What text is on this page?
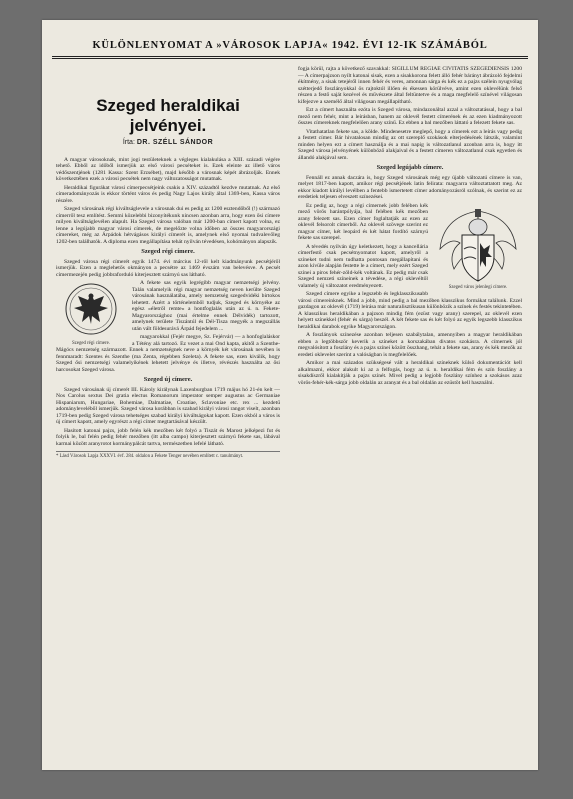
KÜLÖNLENYOMAT A »VÁROSOK LAPJA« 1942. ÉVI 12-IK SZÁMÁBÓL
Szeged heraldikai jelvényei.
Írta: DR. SZÉLL SÁNDOR

A magyar városoknak, mint jogi testületeknek a végleges kialakulása a XIII. századi végére tehető. Ebből az időből ismerjük az első városi pecséteket is. Ezek eleinte az illető város védőszentjének (1281 Kassa: Szent Erzsébet), majd később a városnak képét ábrázolják. Ennek következtében ezek a városi pecsétek nem nagy változatosságot mutatnak.

Heraldikai figurákat városi címerpecsétjeink csakis a XIV. századtól kezdve mutatnak. Az első címeradományozás is ekkor történt város és pedig Nagy Lajos király által 1369-ben, Kassa város részére.

Szeged városának régi kiváltságlevele a városnak dui es pedig az 1200 esztendőből (!) származó címerről tesz említést. Semmi közelebbi bizonyítékunk nincsen azonban arra, hogy ezen ősi címere milyen kiváltságlevélen alapult. Ha Szeged városa valóban már 1200-ban címert kapott volna, ez lenne a legújabb magyar városi címerek, de megelőzte volna időben az összes magyarországi címereket, még az Árpádok hétvágásos királyi címerét is, amelynek első nyomai tudvalevőleg 1202-ben találhatók. A diploma ezen megállapítása tehát nyilván tévedésen, kohómányon alapszik.

Szeged régi címere.

Szeged városa régi címerét egyik 1474. évi március 12-ről kelt kiadmányunk pecsétjéről ismerjük. Ezen a meglehetős okmányon a pecsétre az 1469 évszám van belevésve. A pecsét címermezején pedig jobbraforduló kiterjesztett szárnyú sas látható.

Szeged régi címere.

A fekete sas egyik legrégibb magyar nemzetségi jelvény. Talán valamelyik régi magyar nemzetség neven kerülte Szeged városának használatába, amely nemzetség szegedvidéki birtokos lehetett. Azért a történelemből tudjuk, Szeged és környéke az egész »életről remte« a hontfoglalás után az ú. n. Fekete-Magyarországhoz (mai értelme ennek Délvidék) tartozott, amelynek területe Tiszántúl és Dél-Tisza megyék a megszállás után vált földesurává Árpád fejedelem ...

magyarokkal (Fejér megye, Sz. Fejérvár) — a honfoglaláskor a Tétény alá tartozó. Ez vezet a mai Ond kapta, akitől a Szenthe-Mágócs nemzetség származott. Ennek a nemzetségnek neve a környék két városának nevében is fennmaradt: Szentes és Szenthe (ma Zenta, régebben Szeleta). A fekete sas, ezen kiválik, hogy Szeged ősi nemzetségi valamelyikének lehetett jelvénye és illetve, révészés használta az ősi harcosokat Szeged városa.

Szeged új címere.

Szeged városának új címerét III. Károly királynak Laxenburgban 1719 május hó 21-én kelt — Nos Carolus sextus Dei gratia electus Romanorum imperator semper augustus ac Germaniae Hispaniarum, Hungariae, Bohemiae, Dalmatiae, Croatiae, Sclavoniae etc. rex ... kezdetű adományleveléből ismerjük. Szeged városa korábban is szabad királyi városi rangot viselt, azonban 1719-ben pedig Szeged városa tehetséges szabad királyi kiváltságokat kapott. Ezen okból a város is új címert kapott, amely egyrészt a régi címer megtartásával készült.

Hasított katonai pajzs, jobb felén kék mezőben két folyó a Tiszát és Marost jelképezi fut és folyik le, bal felén pedig fehér mezőben (itt alba campo) kiterjesztett szárnyú fekete sas, lábával karmai között aranyrotot kormánypálcát tartva, természetben lefelé látható.

* Lásd Városok Lapja XXXVI. évf. 284. oldalon a Fekete Tenger nevében említett c. tanulmányt.

fogja körül, rajta a következő szavakkal: SIGILLUM REGIAE CIVITATIS SZEGEDIENSIS 1200 — A címerpajzson nyílt katonai sisak, ezen a sisakkorona felett álló fehér bárányt ábrázoló fejdelmi ékítmény, a sisak tetejéről innen fehér és veres, amonnan sárga és kék ez a pajzs szélein nyugvólag szétterjedő foszlányokkal ös rajtoktól illően és ékessen körülvéve, amint ezen oklevélünk felső részen a festő saját kezével és művészete által feltüntetve és a maga megfelelő színével világosan kifejezve a személő által világosan megállapítható.

Ezt a címert használta ezóta is Szeged városa, mindazonáltal azzal a változtatással, hogy a bal mező nem fehér, mint a leírásban, hanem az oklevél festett címerének és az ezen kiadmányozott ősszes címereknek megfelelően arany színű. Ez ebben a bal mezőben láttató a felezett fekete sas.

Vitathatatlan fekete sas, a kölde. Mindenesetre meglepő, hogy a címerek ezt a leírás vagy pedig a festett címer. Bár hivatalosan mindig az ott szereplő szokások elterjedésének látszik, valamint minden helyen ezt a címert használja és a mai napig is változatlanul azonban arra is, hogy itt Szeged városa jelvényének különböző alakjaival és a festett címeren változatlanul csak egyetlen és állandó alakjával sem.

Szeged legújabb címere.

Fennáll ez annak daczára is, hogy Szeged városának még egy újabb változatú címere is van, melyet 1817-ben kapott, amikor régi pecsétjének latin felirata: magyarra változtattatott meg. Az ekkor kiadott királyi levélben a fentebb ismertetett címer adományozásról szólnak, és szerint ez az eredetiek teljesen elveszett színezései.

Szeged város jelenlegi címere.

Ez pedig az, hogy a régi címernek jobb felében kék mező vörös harántpólyája, bal felében kék mezőben arany felezett sas. Ezen címer foglaltatják az ezen az oklevél felsorolt címerből. Az oklevél szövege szerint ez magyar címer, két leopárd és két hátat fordító szárnyú fekete sas szerepel.

A tévedés nyilván úgy keletkezett, hogy a kancellária címerfestő csak pecsétnyomatot kapott, amelyről a színeket tudni nem tudhatta pontosan megállapítani és azon kívüle alapján festette le a címert, mely ezért Szeged színei a piros fehér-zöld-kék voltának. Ez pedig már csak Szeged nemzeti színeinek a tévedése, a régi oklevéltől valamely új változatot eredményezett.

Szeged címere egyike a legszebb és legklasszikusabb városi címereinknek. Mind a jobb, mind pedig a bal mezőben klasszikus formákat találunk. Ezzel gazdagon az oklevél (1719) leírása már naturalisztikusan különbözik a színek és festés tekintetében. A klasszikus heraldikában a pajzson mindig fém (ezüst vagy arany) szerepel, az oklevél ezen helyett színekkel (fehér és sárga) beszél. A két fekete sas és két folyó az egyik legszebb klasszikus heraldikai darabok egyike Magyarországon.

A foszlányok színezése azonban teljesen szabálytalan, amennyiben a magyar heraldikában ebben a legtöbbször keverik a színeket a korszakában divatos szokásra. A címernek jól megvalósított a foszlány és a pajzs színei között összhang, tehát a fekete sas, arany és kék mezők az eredeti oklevelet szerint a valóságban is megfelelőek.

Amikor a mai százados szükségesé vált a heraldikai színeknek külső dokumentációt kell alkalmazni, ekkor alakult ki az a felfogás, hogy az ú. n. heraldikai fém és szín foszlány a sisakdíszről kialakítják a pajzs színét. Mivel pedig a legjobb foszlány színhez a szokásos azaz vörös-fehér-kék-sárga jobb oldalán az aranyat és a bal oldalán az ezüstöt kell használni.
